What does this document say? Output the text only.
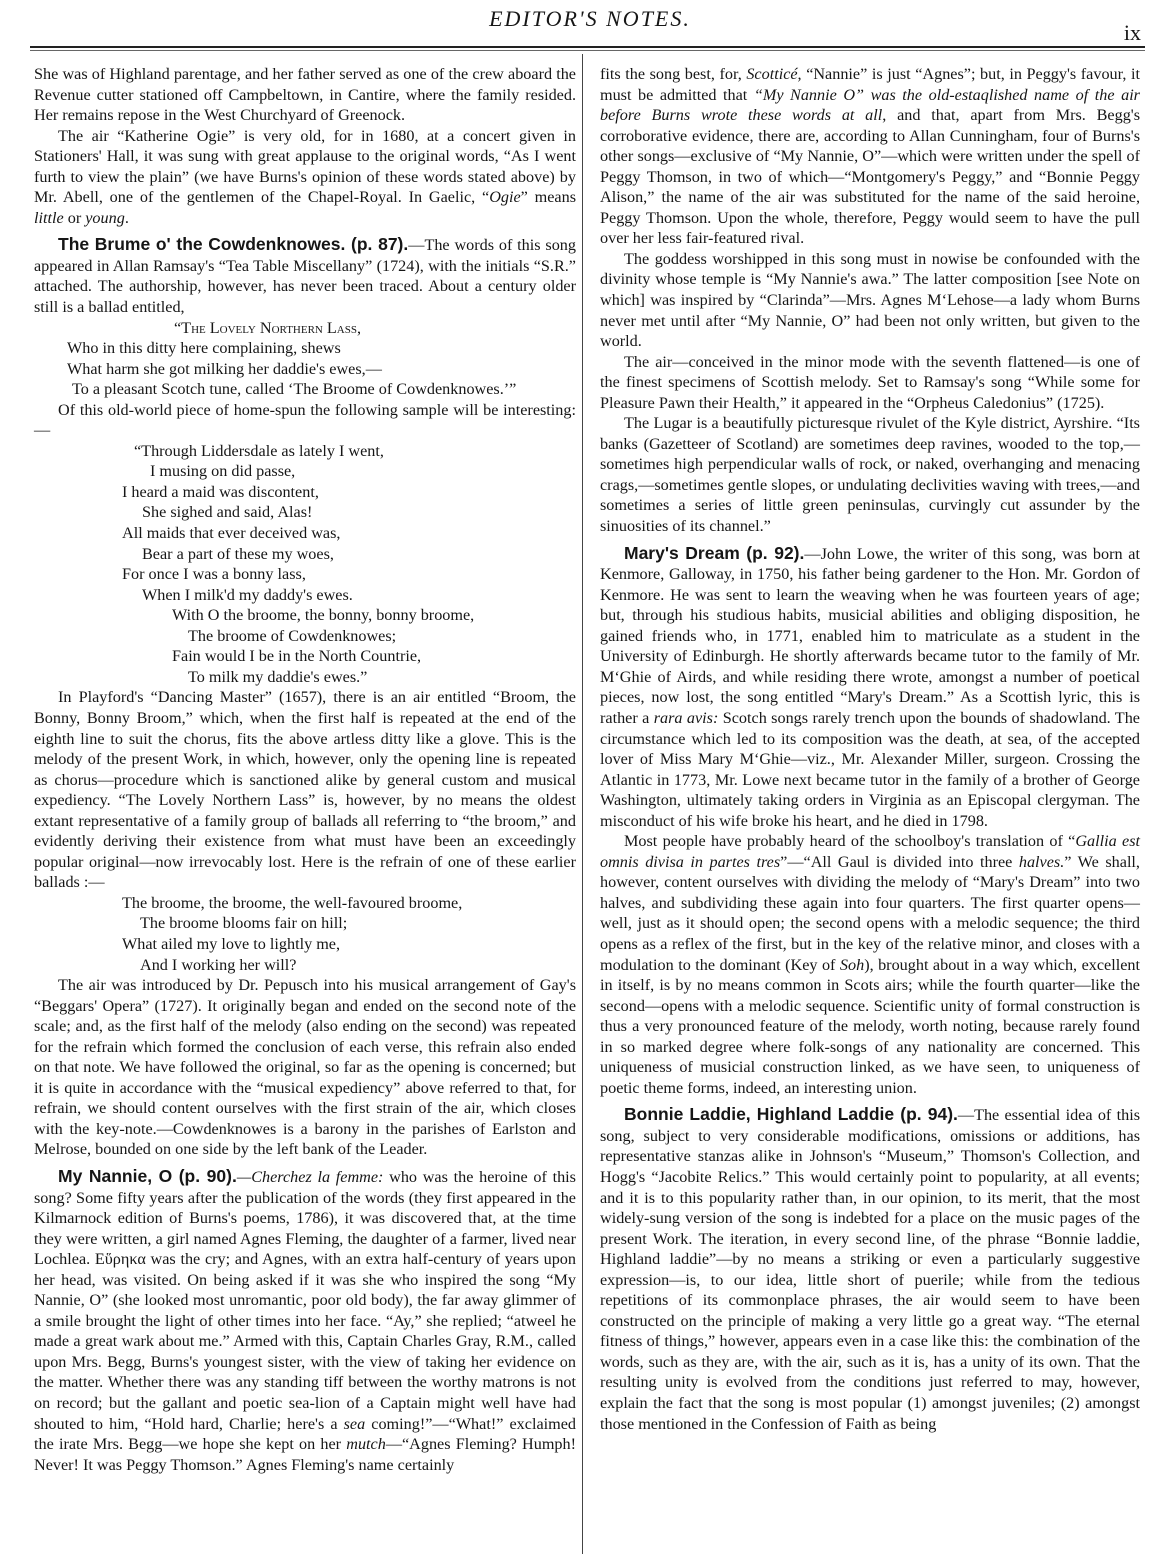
EDITOR'S NOTES.
ix

She was of Highland parentage, and her father served as one of the crew aboard the Revenue cutter stationed off Campbeltown, in Cantire, where the family resided. Her remains repose in the West Churchyard of Greenock.

The air “Katherine Ogie” is very old, for in 1680, at a concert given in Stationers' Hall, it was sung with great applause to the original words, “As I went furth to view the plain” (we have Burns's opinion of these words stated above) by Mr. Abell, one of the gentlemen of the Chapel-Royal. In Gaelic, “Ogie” means little or young.

The Brume o' the Cowdenknowes. (p. 87).—The words of this song appeared in Allan Ramsay's “Tea Table Miscellany” (1724), with the initials “S.R.” attached. The authorship, however, has never been traced. About a century older still is a ballad entitled,

“The Lovely Northern Lass,
Who in this ditty here complaining, shews
What harm she got milking her daddie's ewes,—
To a pleasant Scotch tune, called ‘The Broome of Cowdenknowes.’”

Of this old-world piece of home-spun the following sample will be interesting:—

“Through Liddersdale as lately I went,
I musing on did passe,
I heard a maid was discontent,
She sighed and said, Alas!
All maids that ever deceived was,
Bear a part of these my woes,
For once I was a bonny lass,
When I milk'd my daddy's ewes.
With O the broome, the bonny, bonny broome,
The broome of Cowdenknowes;
Fain would I be in the North Countrie,
To milk my daddie's ewes.”

In Playford's “Dancing Master” (1657), there is an air entitled “Broom, the Bonny, Bonny Broom,” which, when the first half is repeated at the end of the eighth line to suit the chorus, fits the above artless ditty like a glove. This is the melody of the present Work, in which, however, only the opening line is repeated as chorus—procedure which is sanctioned alike by general custom and musical expediency. “The Lovely Northern Lass” is, however, by no means the oldest extant representative of a family group of ballads all referring to “the broom,” and evidently deriving their existence from what must have been an exceedingly popular original—now irrevocably lost. Here is the refrain of one of these earlier ballads :—

The broome, the broome, the well-favoured broome,
The broome blooms fair on hill;
What ailed my love to lightly me,
And I working her will?

The air was introduced by Dr. Pepusch into his musical arrangement of Gay's “Beggars' Opera” (1727). It originally began and ended on the second note of the scale; and, as the first half of the melody (also ending on the second) was repeated for the refrain which formed the conclusion of each verse, this refrain also ended on that note. We have followed the original, so far as the opening is concerned; but it is quite in accordance with the “musical expediency” above referred to that, for refrain, we should content ourselves with the first strain of the air, which closes with the key-note.—Cowdenknowes is a barony in the parishes of Earlston and Melrose, bounded on one side by the left bank of the Leader.

My Nannie, O (p. 90).—Cherchez la femme: who was the heroine of this song? Some fifty years after the publication of the words (they first appeared in the Kilmarnock edition of Burns's poems, 1786), it was discovered that, at the time they were written, a girl named Agnes Fleming, the daughter of a farmer, lived near Lochlea. Εὕρηκα was the cry; and Agnes, with an extra half-century of years upon her head, was visited. On being asked if it was she who inspired the song “My Nannie, O” (she looked most unromantic, poor old body), the far away glimmer of a smile brought the light of other times into her face. “Ay,” she replied; “atweel he made a great wark about me.” Armed with this, Captain Charles Gray, R.M., called upon Mrs. Begg, Burns's youngest sister, with the view of taking her evidence on the matter. Whether there was any standing tiff between the worthy matrons is not on record; but the gallant and poetic sea-lion of a Captain might well have had shouted to him, “Hold hard, Charlie; here's a sea coming!”—“What!” exclaimed the irate Mrs. Begg—we hope she kept on her mutch—“Agnes Fleming? Humph! Never! It was Peggy Thomson.” Agnes Fleming's name certainly

fits the song best, for, Scotticé, “Nannie” is just “Agnes”; but, in Peggy's favour, it must be admitted that “My Nannie O” was the old-estaqlished name of the air before Burns wrote these words at all, and that, apart from Mrs. Begg's corroborative evidence, there are, according to Allan Cunningham, four of Burns's other songs—exclusive of “My Nannie, O”—which were written under the spell of Peggy Thomson, in two of which—“Montgomery's Peggy,” and “Bonnie Peggy Alison,” the name of the air was substituted for the name of the said heroine, Peggy Thomson. Upon the whole, therefore, Peggy would seem to have the pull over her less fair-featured rival.

The goddess worshipped in this song must in nowise be confounded with the divinity whose temple is “My Nannie's awa.” The latter composition [see Note on which] was inspired by “Clarinda”—Mrs. Agnes M‘Lehose—a lady whom Burns never met until after “My Nannie, O” had been not only written, but given to the world.

The air—conceived in the minor mode with the seventh flattened—is one of the finest specimens of Scottish melody. Set to Ramsay's song “While some for Pleasure Pawn their Health,” it appeared in the “Orpheus Caledonius” (1725).

The Lugar is a beautifully picturesque rivulet of the Kyle district, Ayrshire. “Its banks (Gazetteer of Scotland) are sometimes deep ravines, wooded to the top,—sometimes high perpendicular walls of rock, or naked, overhanging and menacing crags,—sometimes gentle slopes, or undulating declivities waving with trees,—and sometimes a series of little green peninsulas, curvingly cut assunder by the sinuosities of its channel.”

Mary's Dream (p. 92).—John Lowe, the writer of this song, was born at Kenmore, Galloway, in 1750, his father being gardener to the Hon. Mr. Gordon of Kenmore. He was sent to learn the weaving when he was fourteen years of age; but, through his studious habits, musicial abilities and obliging disposition, he gained friends who, in 1771, enabled him to matriculate as a student in the University of Edinburgh. He shortly afterwards became tutor to the family of Mr. M‘Ghie of Airds, and while residing there wrote, amongst a number of poetical pieces, now lost, the song entitled “Mary's Dream.” As a Scottish lyric, this is rather a rara avis: Scotch songs rarely trench upon the bounds of shadowland. The circumstance which led to its composition was the death, at sea, of the accepted lover of Miss Mary M‘Ghie—viz., Mr. Alexander Miller, surgeon. Crossing the Atlantic in 1773, Mr. Lowe next became tutor in the family of a brother of George Washington, ultimately taking orders in Virginia as an Episcopal clergyman. The misconduct of his wife broke his heart, and he died in 1798.

Most people have probably heard of the schoolboy's translation of “Gallia est omnis divisa in partes tres”—“All Gaul is divided into three halves.” We shall, however, content ourselves with dividing the melody of “Mary's Dream” into two halves, and subdividing these again into four quarters. The first quarter opens—well, just as it should open; the second opens with a melodic sequence; the third opens as a reflex of the first, but in the key of the relative minor, and closes with a modulation to the dominant (Key of Soh), brought about in a way which, excellent in itself, is by no means common in Scots airs; while the fourth quarter—like the second—opens with a melodic sequence. Scientific unity of formal construction is thus a very pronounced feature of the melody, worth noting, because rarely found in so marked degree where folk-songs of any nationality are concerned. This uniqueness of musicial construction linked, as we have seen, to uniqueness of poetic theme forms, indeed, an interesting union.

Bonnie Laddie, Highland Laddie (p. 94).—The essential idea of this song, subject to very considerable modifications, omissions or additions, has representative stanzas alike in Johnson's “Museum,” Thomson's Collection, and Hogg's “Jacobite Relics.” This would certainly point to popularity, at all events; and it is to this popularity rather than, in our opinion, to its merit, that the most widely-sung version of the song is indebted for a place on the music pages of the present Work. The iteration, in every second line, of the phrase “Bonnie laddie, Highland laddie”—by no means a striking or even a particularly suggestive expression—is, to our idea, little short of puerile; while from the tedious repetitions of its commonplace phrases, the air would seem to have been constructed on the principle of making a very little go a great way. “The eternal fitness of things,” however, appears even in a case like this: the combination of the words, such as they are, with the air, such as it is, has a unity of its own. That the resulting unity is evolved from the conditions just referred to may, however, explain the fact that the song is most popular (1) amongst juveniles; (2) amongst those mentioned in the Confession of Faith as being
